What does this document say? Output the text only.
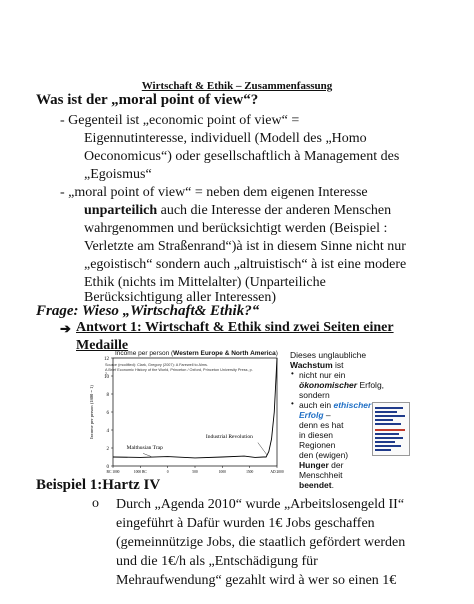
Wirtschaft & Ethik – Zusammenfassung
Was ist der „moral point of view“?
- Gegenteil ist „economic point of view“ =
Eigennutinteresse, individuell (Modell des „Homo
Oeconomicus“) oder gesellschaftlich à Management des
„Egoismus“
- „moral point of view“ = neben dem eigenen Interesse
unparteilich auch die Interesse der anderen Menschen
wahrgenommen und berücksichtigt werden (Beispiel :
Verletzte am Straßenrand“)à ist in diesem Sinne nicht nur
„egoistisch“ sondern auch „altruistisch“ à ist eine modere
Ethik (nichts im Mittelalter) (Unparteiliche
Berücksichtigung aller Interessen)
Frage: Wieso „Wirtschaft& Ethik?“
➔ Antwort 1: Wirtschaft & Ethik sind zwei Seiten einer
Medaille
Income per person (Western Europe & North America)
0
2
4
6
8
10
12
BC 1000	1000 BC	0	500	1000	1500	AD 2000
Income per person (1800 = 1)
Malthusian Trap
Industrial Revolution
Source (modified): Clark, Gregory (2007): A Farewell to Alms.
A Brief Economic History of the World, Princeton / Oxford, Princeton University Press, p. 2.
Dieses unglaubliche
Wachstum ist
• nicht nur ein
ökonomischer Erfolg,
sondern
• auch ein ethischer
Erfolg –
denn es hat
in diesen
Regionen
den (ewigen)
Hunger der
Menschheit
beendet.
Beispiel 1:Hartz IV
o Durch „Agenda 2010“ wurde „Arbeitslosengeld II“
eingeführt à Dafür wurden 1€ Jobs geschaffen
(gemeinnützige Jobs, die staatlich gefördert werden
und die 1€/h als „Entschädigung für
Mehraufwendung“ gezahlt wird à wer so einen 1€
